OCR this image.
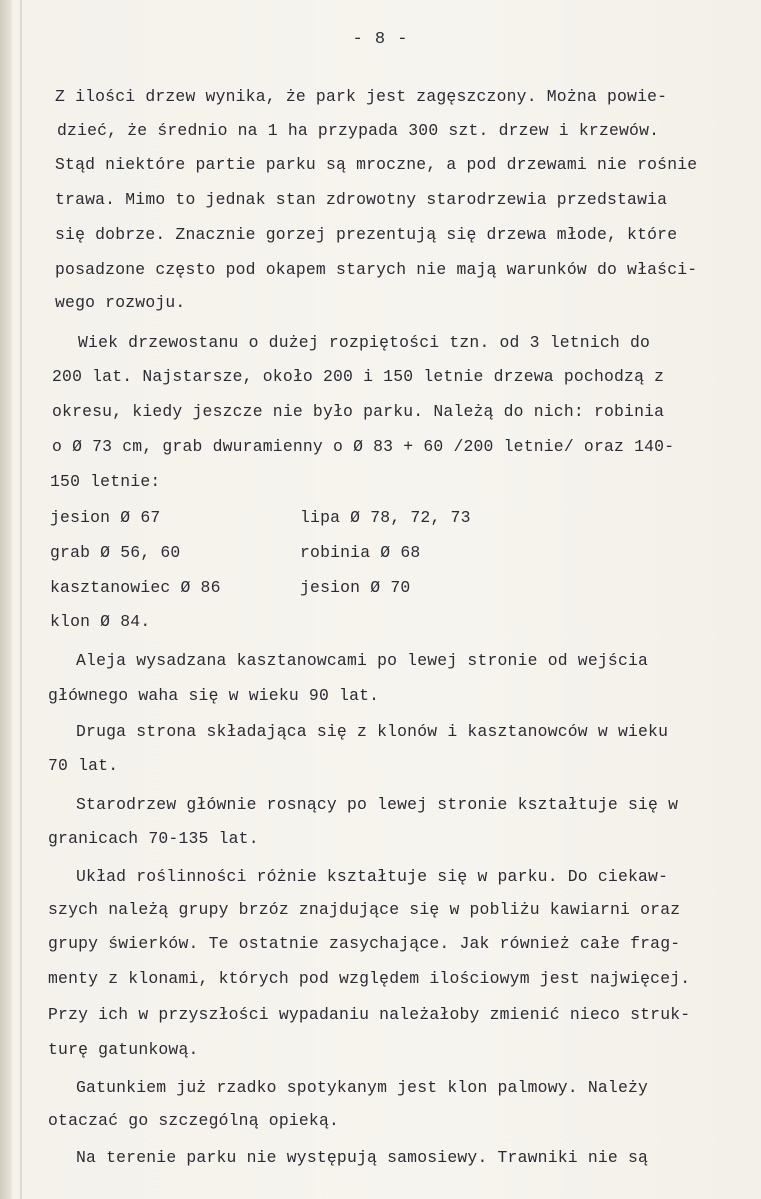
- 8 -
Z ilości drzew wynika, że park jest zagęszczony. Można powie-
dzieć, że średnio na 1 ha przypada 300 szt. drzew i krzewów.
Stąd niektóre partie parku są mroczne, a pod drzewami nie rośnie
trawa. Mimo to jednak stan zdrowotny starodrzewia przedstawia
się dobrze. Znacznie gorzej prezentują się drzewa młode, które
posadzone często pod okapem starych nie mają warunków do właści-
wego rozwoju.
Wiek drzewostanu o dużej rozpiętości tzn. od 3 letnich do
200 lat. Najstarsze, około 200 i 150 letnie drzewa pochodzą z
okresu, kiedy jeszcze nie było parku. Należą do nich: robinia
o Ø 73 cm, grab dwuramienny o Ø 83 + 60 /200 letnie/ oraz 140-
150 letnie:
jesion Ø 67	lipa Ø 78, 72, 73
grab Ø 56, 60	robinia Ø 68
kasztanowiec Ø 86	jesion Ø 70
klon Ø 84.
Aleja wysadzana kasztanowcami po lewej stronie od wejścia
głównego waha się w wieku 90 lat.
Druga strona składająca się z klonów i kasztanowców w wieku
70 lat.
Starodrzew głównie rosnący po lewej stronie kształtuje się w
granicach 70-135 lat.
Układ roślinności różnie kształtuje się w parku. Do ciekaw-
szych należą grupy brzóz znajdujące się w pobliżu kawiarni oraz
grupy świerków. Te ostatnie zasychające. Jak również całe frag-
menty z klonami, których pod względem ilościowym jest najwięcej.
Przy ich w przyszłości wypadaniu należałoby zmienić nieco struk-
turę gatunkową.
Gatunkiem już rzadko spotykanym jest klon palmowy. Należy
otaczać go szczególną opieką.
Na terenie parku nie występują samosiewy. Trawniki nie są
